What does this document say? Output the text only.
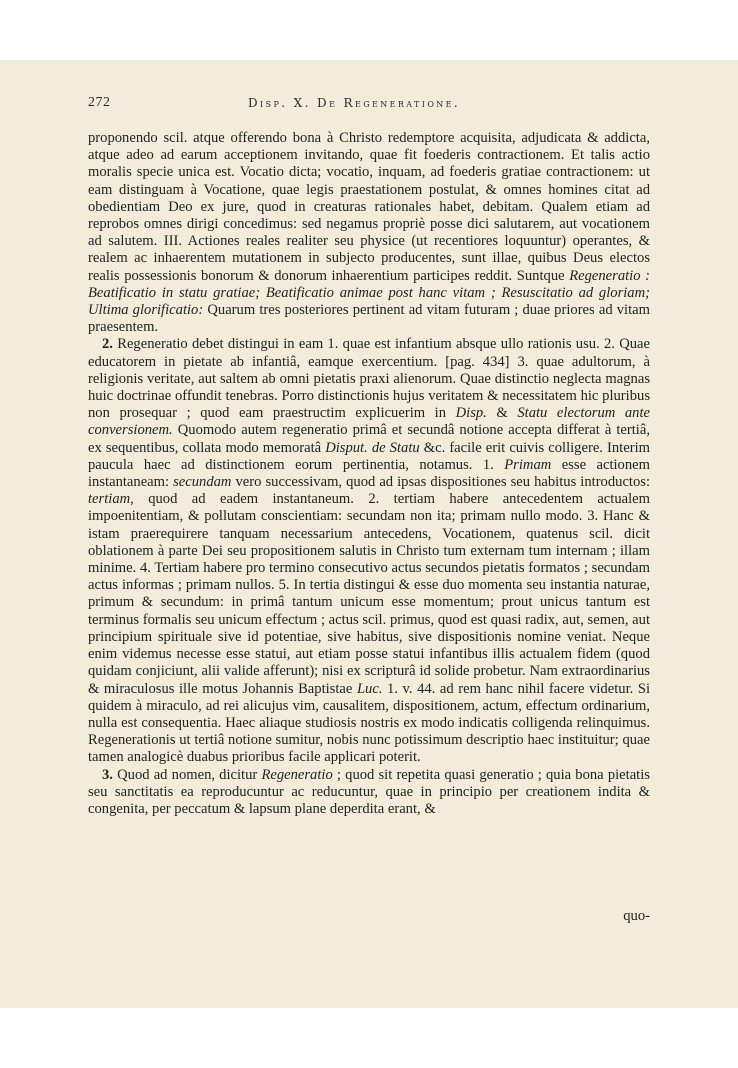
272	Disp. X. De Regeneratione.

proponendo scil. atque offerendo bona à Christo redemptore acquisita, adjudicata & addicta, atque adeo ad earum acceptionem invitando, quae fit foederis contractionem. Et talis actio moralis specie unica est. Vocatio dicta; vocatio, inquam, ad foederis gratiae contractionem: ut eam distinguam à Vocatione, quae legis praestationem postulat, & omnes homines citat ad obedientiam Deo ex jure, quod in creaturas rationales habet, debitam. Qualem etiam ad reprobos omnes dirigi concedimus: sed negamus propriè posse dici salutarem, aut vocationem ad salutem. III. Actiones reales realiter seu physice (ut recentiores loquuntur) operantes, & realem ac inhaerentem mutationem in subjecto producentes, sunt illae, quibus Deus electos realis possessionis bonorum & donorum inhaerentium participes reddit. Suntque Regeneratio : Beatificatio in statu gratiae; Beatificatio animae post hanc vitam ; Resuscitatio ad gloriam; Ultima glorificatio: Quarum tres posteriores pertinent ad vitam futuram ; duae priores ad vitam praesentem.

2. Regeneratio debet distingui in eam 1. quae est infantium absque ullo rationis usu. 2. Quae educatorem in pietate ab infantiâ, eamque exercentium. [pag. 434] 3. quae adultorum, à religionis veritate, aut saltem ab omni pietatis praxi alienorum. Quae distinctio neglecta magnas huic doctrinae offundit tenebras. Porro distinctionis hujus veritatem & necessitatem hic pluribus non prosequar ; quod eam praestructim explicuerim in Disp. & Statu electorum ante conversionem. Quomodo autem regeneratio primâ et secundâ notione accepta differat à tertiâ, ex sequentibus, collata modo memoratâ Disput. de Statu &c. facile erit cuivis colligere. Interim paucula haec ad distinctionem eorum pertinentia, notamus. 1. Primam esse actionem instantaneam: secundam vero successivam, quod ad ipsas dispositiones seu habitus introductos: tertiam, quod ad eadem instantaneum. 2. tertiam habere antecedentem actualem impoenitentiam, & pollutam conscientiam: secundam non ita; primam nullo modo. 3. Hanc & istam praerequirere tanquam necessarium antecedens, Vocationem, quatenus scil. dicit oblationem à parte Dei seu propositionem salutis in Christo tum externam tum internam ; illam minime. 4. Tertiam habere pro termino consecutivo actus secundos pietatis formatos ; secundam actus informas ; primam nullos. 5. In tertia distingui & esse duo momenta seu instantia naturae, primum & secundum: in primâ tantum unicum esse momentum; prout unicus tantum est terminus formalis seu unicum effectum ; actus scil. primus, quod est quasi radix, aut, semen, aut principium spirituale sive id potentiae, sive habitus, sive dispositionis nomine veniat. Neque enim videmus necesse esse statui, aut etiam posse statui infantibus illis actualem fidem (quod quidam conjiciunt, alii valide afferunt); nisi ex scripturâ id solide probetur. Nam extraordinarius & miraculosus ille motus Johannis Baptistae Luc. 1. v. 44. ad rem hanc nihil facere videtur. Si quidem à miraculo, ad rei alicujus vim, causalitem, dispositionem, actum, effectum ordinarium, nulla est consequentia. Haec aliaque studiosis nostris ex modo indicatis colligenda relinquimus. Regenerationis ut tertiâ notione sumitur, nobis nunc potissimum descriptio haec instituitur; quae tamen analogicè duabus prioribus facile applicari poterit.

3. Quod ad nomen, dicitur Regeneratio ; quod sit repetita quasi generatio ; quia bona pietatis seu sanctitatis ea reproducuntur ac reducuntur, quae in principio per creationem indita & congenita, per peccatum & lapsum plane deperdita erant, &

quo-
